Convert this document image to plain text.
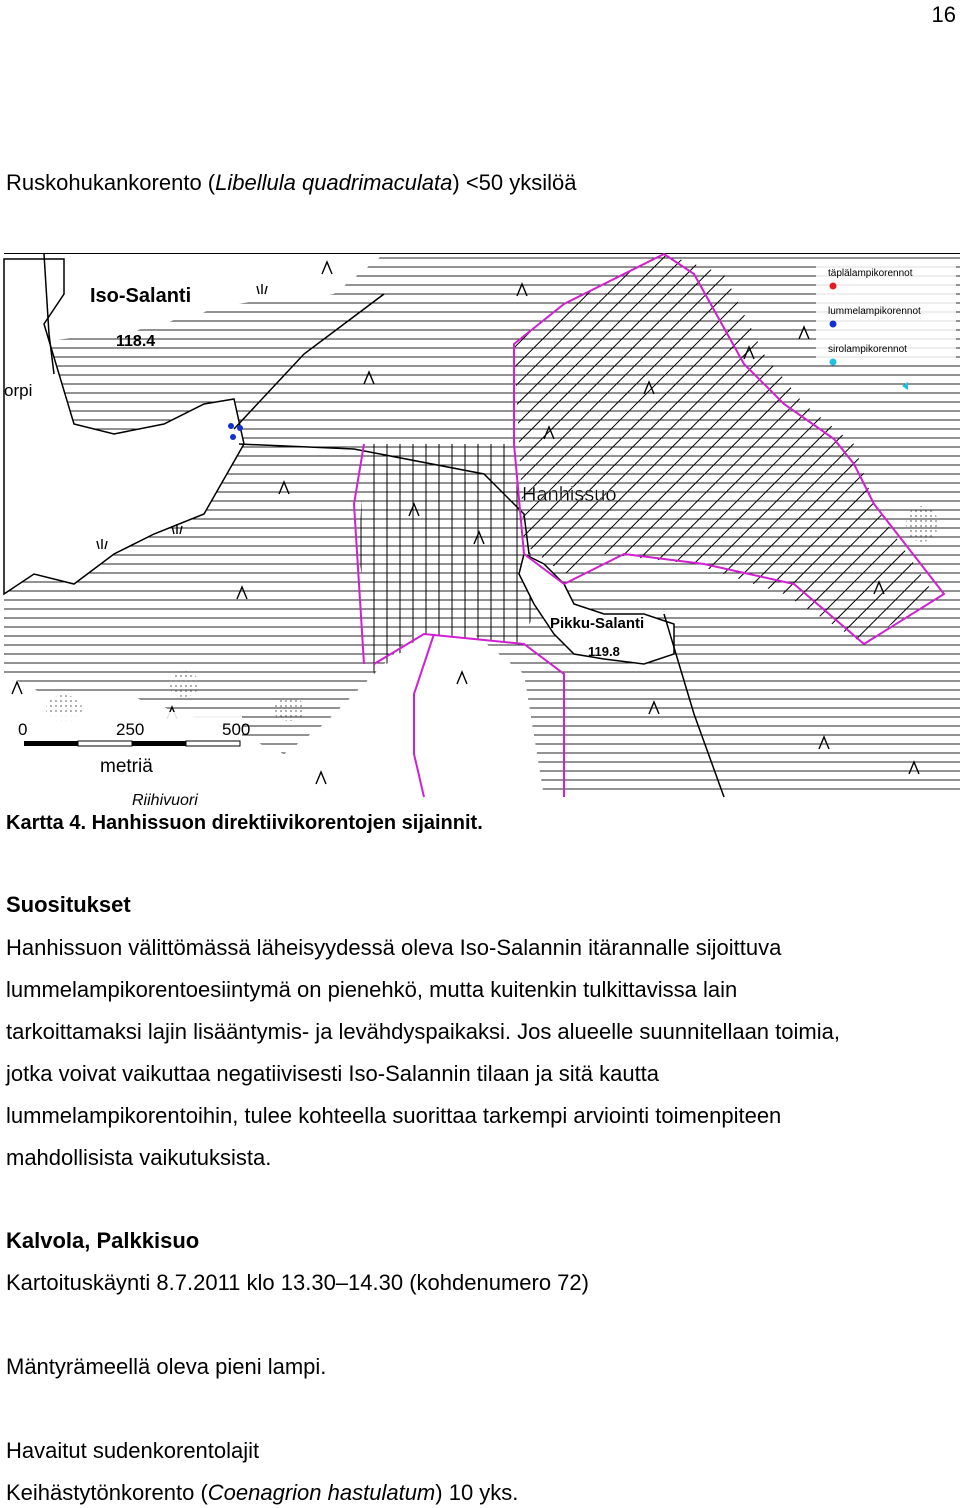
16
Ruskohukankorento (Libellula quadrimaculata) <50 yksilöä
Iso-Salanti
118.4
orpi
Hanhissuo
Pikku-Salanti
119.8
Riihivuori
täplälampikorennot
lummelampikorennot
sirolampikorennot
0	250	500
metriä
Kartta 4. Hanhissuon direktiivikorentojen sijainnit.
Suositukset
Hanhissuon välittömässä läheisyydessä oleva Iso-Salannin itärannalle sijoittuva
lummelampikorentoesiintymä on pienehkö, mutta kuitenkin tulkittavissa lain
tarkoittamaksi lajin lisääntymis- ja levähdyspaikaksi. Jos alueelle suunnitellaan toimia,
jotka voivat vaikuttaa negatiivisesti Iso-Salannin tilaan ja sitä kautta
lummelampikorentoihin, tulee kohteella suorittaa tarkempi arviointi toimenpiteen
mahdollisista vaikutuksista.
Kalvola, Palkkisuo
Kartoituskäynti 8.7.2011 klo 13.30–14.30 (kohdenumero 72)
Mäntyrämeellä oleva pieni lampi.
Havaitut sudenkorentolajit
Keihästytönkorento (Coenagrion hastulatum) 10 yks.
